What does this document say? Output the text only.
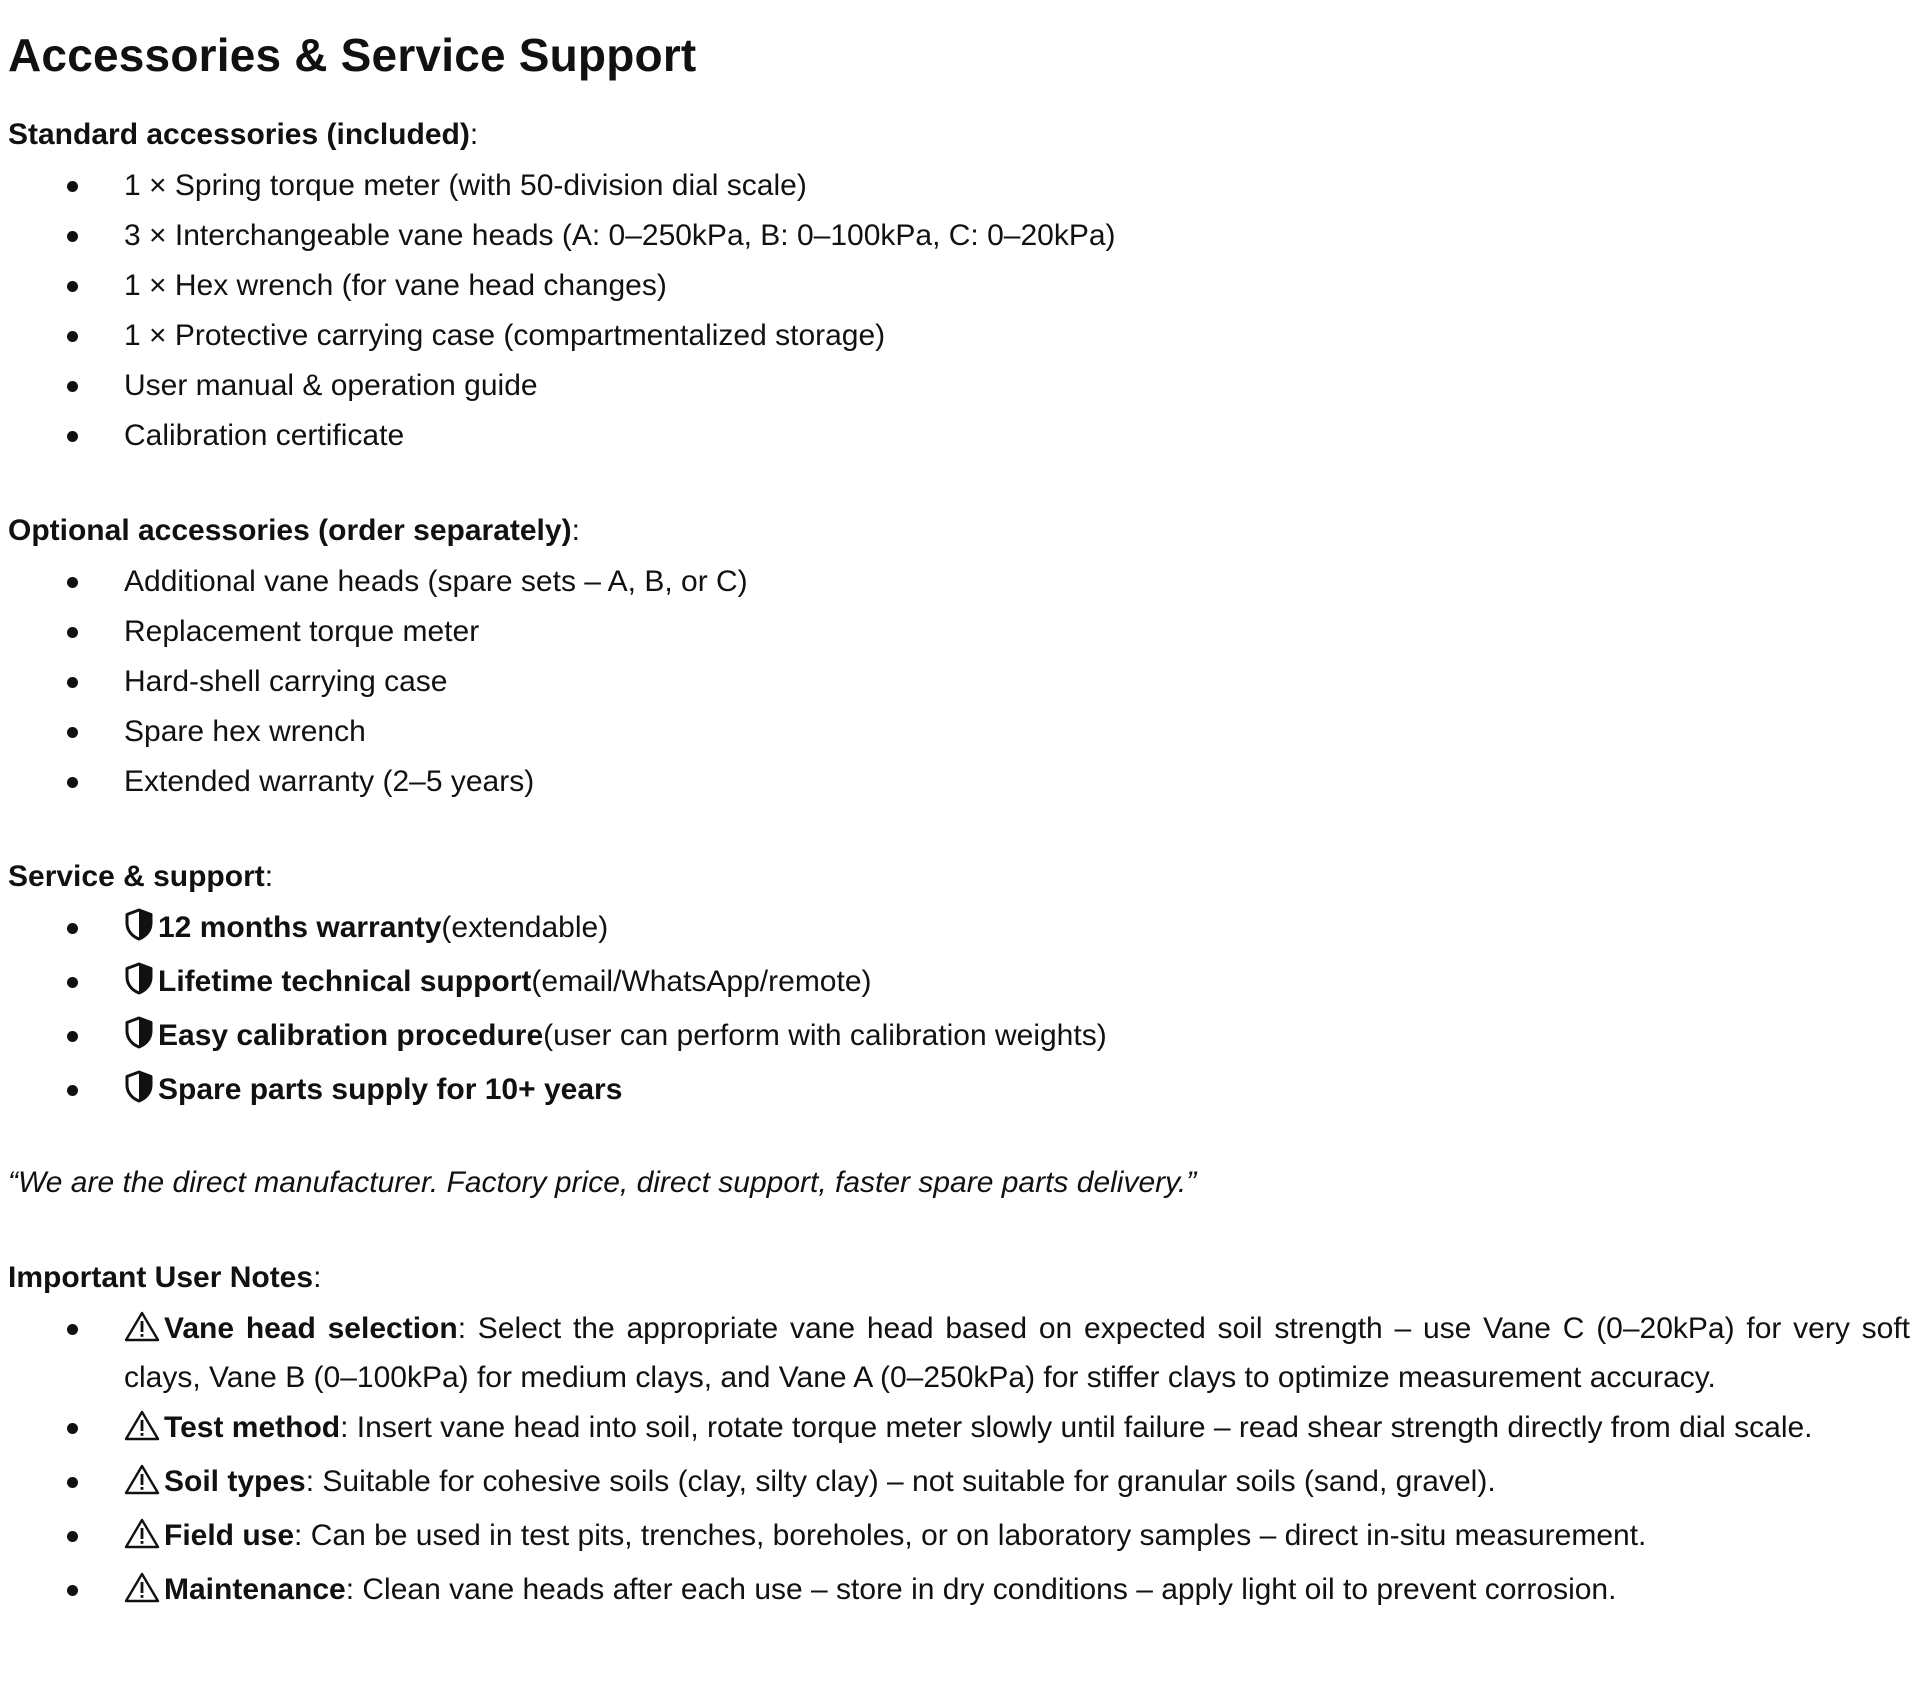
Accessories & Service Support

Standard accessories (included):

1 × Spring torque meter (with 50-division dial scale)
3 × Interchangeable vane heads (A: 0–250kPa, B: 0–100kPa, C: 0–20kPa)
1 × Hex wrench (for vane head changes)
1 × Protective carrying case (compartmentalized storage)
User manual & operation guide
Calibration certificate

Optional accessories (order separately):

Additional vane heads (spare sets – A, B, or C)
Replacement torque meter
Hard-shell carrying case
Spare hex wrench
Extended warranty (2–5 years)

Service & support:

12 months warranty(extendable)
Lifetime technical support(email/WhatsApp/remote)
Easy calibration procedure(user can perform with calibration weights)
Spare parts supply for 10+ years

“We are the direct manufacturer. Factory price, direct support, faster spare parts delivery.”

Important User Notes:

Vane head selection: Select the appropriate vane head based on expected soil strength – use Vane C (0–20kPa) for very soft clays, Vane B (0–100kPa) for medium clays, and Vane A (0–250kPa) for stiffer clays to optimize measurement accuracy.
Test method: Insert vane head into soil, rotate torque meter slowly until failure – read shear strength directly from dial scale.
Soil types: Suitable for cohesive soils (clay, silty clay) – not suitable for granular soils (sand, gravel).
Field use: Can be used in test pits, trenches, boreholes, or on laboratory samples – direct in-situ measurement.
Maintenance: Clean vane heads after each use – store in dry conditions – apply light oil to prevent corrosion.
